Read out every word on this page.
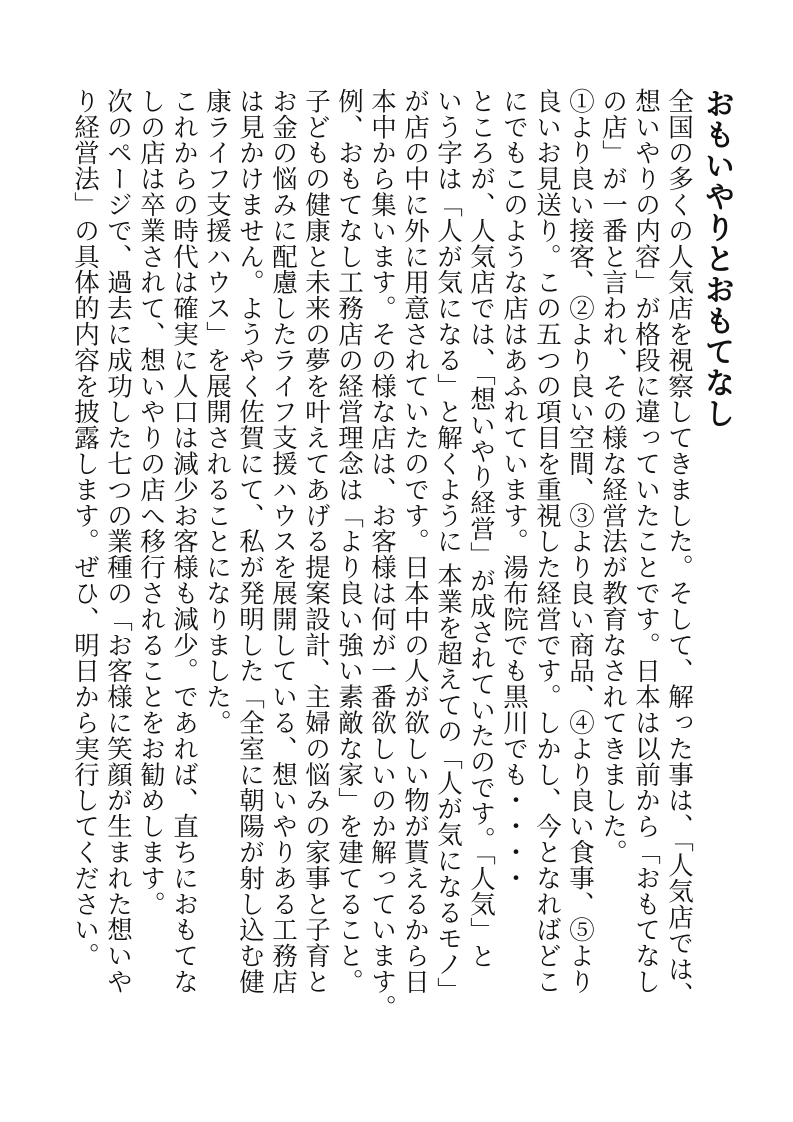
おもいやりとおもてなし
全国の多くの人気店を視察してきました。そして、解った事は、「人気店では、
想いやりの内容」が格段に違っていたことです。日本は以前から「おもてなし
の店」が一番と言われ、その様な経営法が教育なされてきました。
①より良い接客、②より良い空間、③より良い商品、④より良い食事、⑤より
良いお見送り。この五つの項目を重視した経営です。しかし、今となればどこ
にでもこのような店はあふれています。湯布院でも黒川でも・・・・
ところが、人気店では、「想いやり経営」が成されていたのです。「人気」と
いう字は「人が気になる」と解くように 本業を超えての「人が気になるモノ」
が店の中に外に用意されていたのです。日本中の人が欲しい物が貰えるから日
本中から集います。その様な店は、お客様は何が一番欲しいのか解っています。
例、おもてなし工務店の経営理念は「より良い強い素敵な家」を建てること。
子どもの健康と未来の夢を叶えてあげる提案設計、主婦の悩みの家事と子育と
お金の悩みに配慮したライフ支援ハウスを展開している、想いやりある工務店
は見かけません。ようやく佐賀にて、私が発明した「全室に朝陽が射し込む健
康ライフ支援ハウス」を展開されることになりました。
これからの時代は確実に人口は減少お客様も減少。であれば、直ちにおもてな
しの店は卒業されて、想いやりの店へ移行されることをお勧めします。
次のページで、過去に成功した七つの業種の「お客様に笑顔が生まれた想いや
り経営法」の具体的内容を披露します。ぜひ、明日から実行してください。
